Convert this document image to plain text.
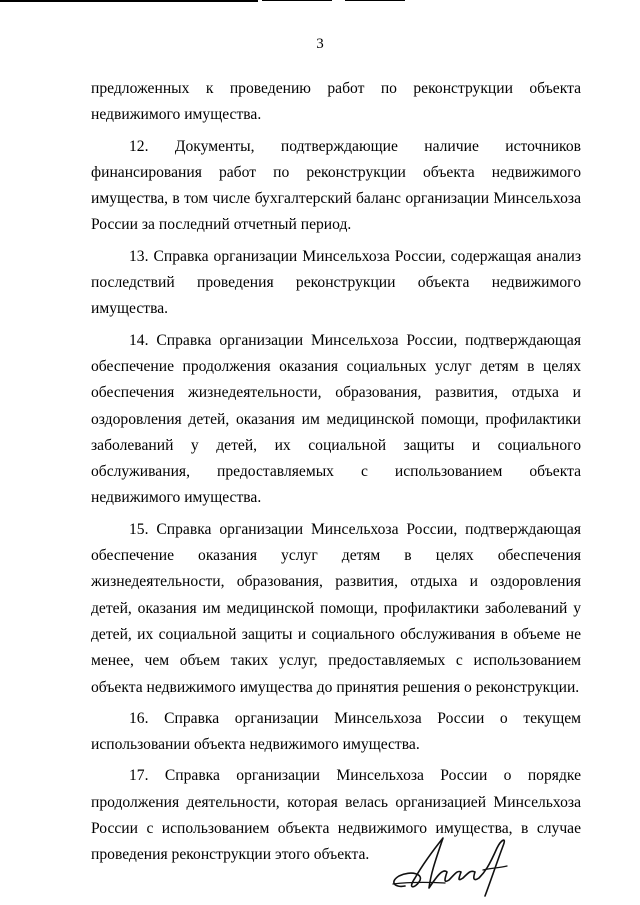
3

предложенных к проведению работ по реконструкции объекта недвижимого имущества.

12. Документы, подтверждающие наличие источников финансирования работ по реконструкции объекта недвижимого имущества, в том числе бухгалтерский баланс организации Минсельхоза России за последний отчетный период.

13. Справка организации Минсельхоза России, содержащая анализ последствий проведения реконструкции объекта недвижимого имущества.

14. Справка организации Минсельхоза России, подтверждающая обеспечение продолжения оказания социальных услуг детям в целях обеспечения жизнедеятельности, образования, развития, отдыха и оздоровления детей, оказания им медицинской помощи, профилактики заболеваний у детей, их социальной защиты и социального обслуживания, предоставляемых с использованием объекта недвижимого имущества.

15. Справка организации Минсельхоза России, подтверждающая обеспечение оказания услуг детям в целях обеспечения жизнедеятельности, образования, развития, отдыха и оздоровления детей, оказания им медицинской помощи, профилактики заболеваний у детей, их социальной защиты и социального обслуживания в объеме не менее, чем объем таких услуг, предоставляемых с использованием объекта недвижимого имущества до принятия решения о реконструкции.

16. Справка организации Минсельхоза России о текущем использовании объекта недвижимого имущества.

17. Справка организации Минсельхоза России о порядке продолжения деятельности, которая велась организацией Минсельхоза России с использованием объекта недвижимого имущества, в случае проведения реконструкции этого объекта.
